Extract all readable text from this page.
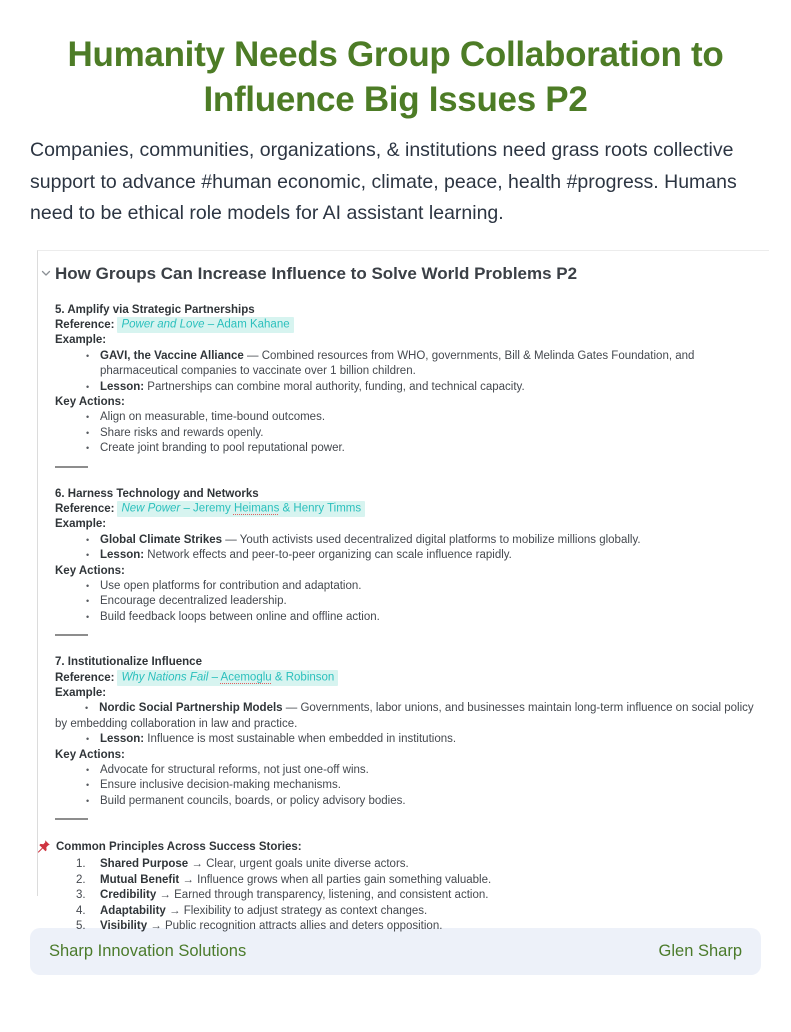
Humanity Needs Group Collaboration to
Influence Big Issues P2

Companies, communities, organizations, & institutions need grass roots collective support to advance #human economic, climate, peace, health #progress. Humans need to be ethical role models for AI assistant learning.

How Groups Can Increase Influence to Solve World Problems P2
5. Amplify via Strategic Partnerships
Reference: Power and Love – Adam Kahane
Example:
• GAVI, the Vaccine Alliance — Combined resources from WHO, governments, Bill & Melinda Gates Foundation, and pharmaceutical companies to vaccinate over 1 billion children.
• Lesson: Partnerships can combine moral authority, funding, and technical capacity.
Key Actions:
• Align on measurable, time-bound outcomes.
• Share risks and rewards openly.
• Create joint branding to pool reputational power.
6. Harness Technology and Networks
Reference: New Power – Jeremy Heimans & Henry Timms
Example:
• Global Climate Strikes — Youth activists used decentralized digital platforms to mobilize millions globally.
• Lesson: Network effects and peer-to-peer organizing can scale influence rapidly.
Key Actions:
• Use open platforms for contribution and adaptation.
• Encourage decentralized leadership.
• Build feedback loops between online and offline action.
7. Institutionalize Influence
Reference: Why Nations Fail – Acemoglu & Robinson
Example:
• Nordic Social Partnership Models — Governments, labor unions, and businesses maintain long-term influence on social policy by embedding collaboration in law and practice.
• Lesson: Influence is most sustainable when embedded in institutions.
Key Actions:
• Advocate for structural reforms, not just one-off wins.
• Ensure inclusive decision-making mechanisms.
• Build permanent councils, boards, or policy advisory bodies.
Common Principles Across Success Stories:
1. Shared Purpose → Clear, urgent goals unite diverse actors.
2. Mutual Benefit → Influence grows when all parties gain something valuable.
3. Credibility → Earned through transparency, listening, and consistent action.
4. Adaptability → Flexibility to adjust strategy as context changes.
5. Visibility → Public recognition attracts allies and deters opposition.
Sharp Innovation Solutions	Glen Sharp
